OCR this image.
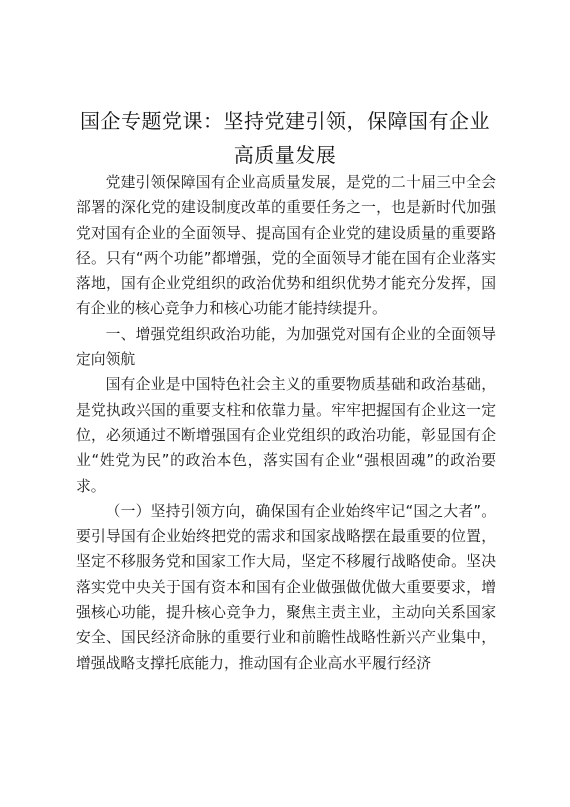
国企专题党课：坚持党建引领，保障国有企业
高质量发展

党建引领保障国有企业高质量发展，是党的二十届三中全会部署的深化党的建设制度改革的重要任务之一，也是新时代加强党对国有企业的全面领导、提高国有企业党的建设质量的重要路径。只有“两个功能”都增强，党的全面领导才能在国有企业落实落地，国有企业党组织的政治优势和组织优势才能充分发挥，国有企业的核心竞争力和核心功能才能持续提升。

一、增强党组织政治功能，为加强党对国有企业的全面领导定向领航

国有企业是中国特色社会主义的重要物质基础和政治基础，是党执政兴国的重要支柱和依靠力量。牢牢把握国有企业这一定位，必须通过不断增强国有企业党组织的政治功能，彰显国有企业“姓党为民”的政治本色，落实国有企业“强根固魂”的政治要求。

（一）坚持引领方向，确保国有企业始终牢记“国之大者”。要引导国有企业始终把党的需求和国家战略摆在最重要的位置，坚定不移服务党和国家工作大局，坚定不移履行战略使命。坚决落实党中央关于国有资本和国有企业做强做优做大重要要求，增强核心功能，提升核心竞争力，聚焦主责主业，主动向关系国家安全、国民经济命脉的重要行业和前瞻性战略性新兴产业集中，增强战略支撑托底能力，推动国有企业高水平履行经济
